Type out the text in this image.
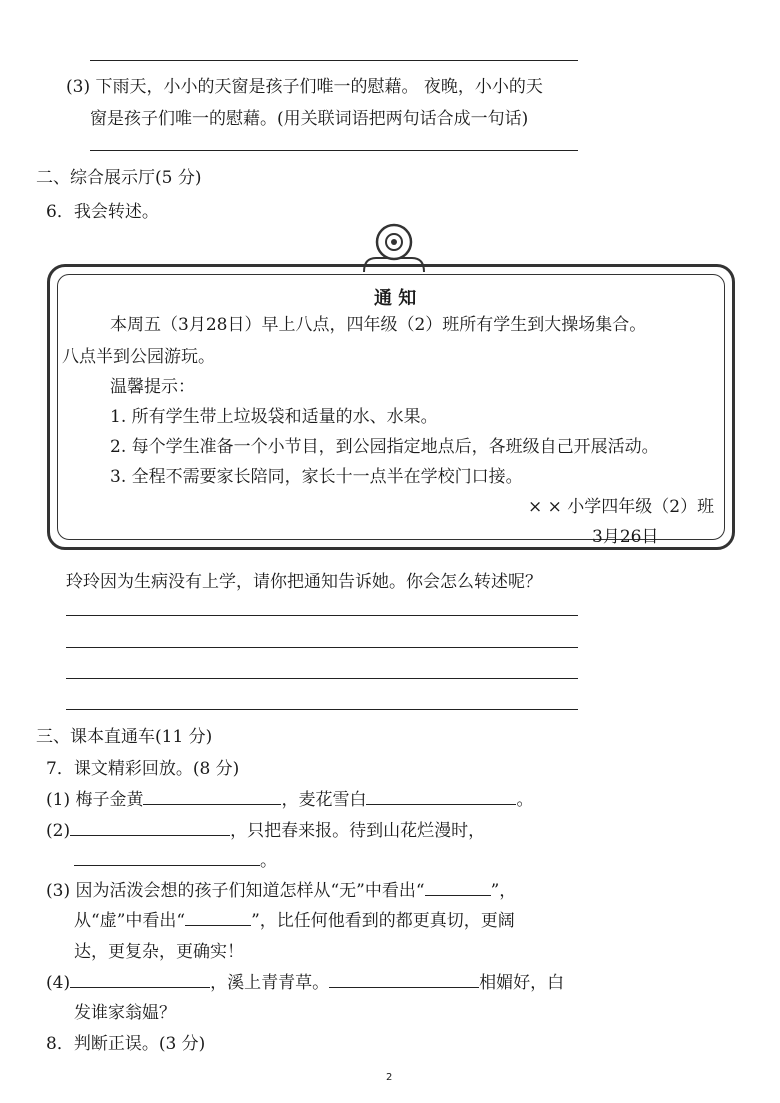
(3) 下雨天，小小的天窗是孩子们唯一的慰藉。 夜晚，小小的天
窗是孩子们唯一的慰藉。(用关联词语把两句话合成一句话)
二、综合展示厅(5 分)
6．我会转述。
通 知
本周五（3月28日）早上八点，四年级（2）班所有学生到大操场集合。
八点半到公园游玩。
温馨提示：
1. 所有学生带上垃圾袋和适量的水、水果。
2. 每个学生准备一个小节目，到公园指定地点后，各班级自己开展活动。
3. 全程不需要家长陪同，家长十一点半在学校门口接。
× × 小学四年级（2）班
3月26日
玲玲因为生病没有上学，请你把通知告诉她。你会怎么转述呢？
三、课本直通车(11 分)
7．课文精彩回放。(8 分)
(1) 梅子金黄	，麦花雪白	。
(2)	，只把春来报。待到山花烂漫时，
。
(3) 因为活泼会想的孩子们知道怎样从“无”中看出“	”，
从“虚”中看出“	”，比任何他看到的都更真切，更阔
达，更复杂，更确实！
(4)	，溪上青青草。	相媚好，白
发谁家翁媪？
8．判断正误。(3 分)
2
